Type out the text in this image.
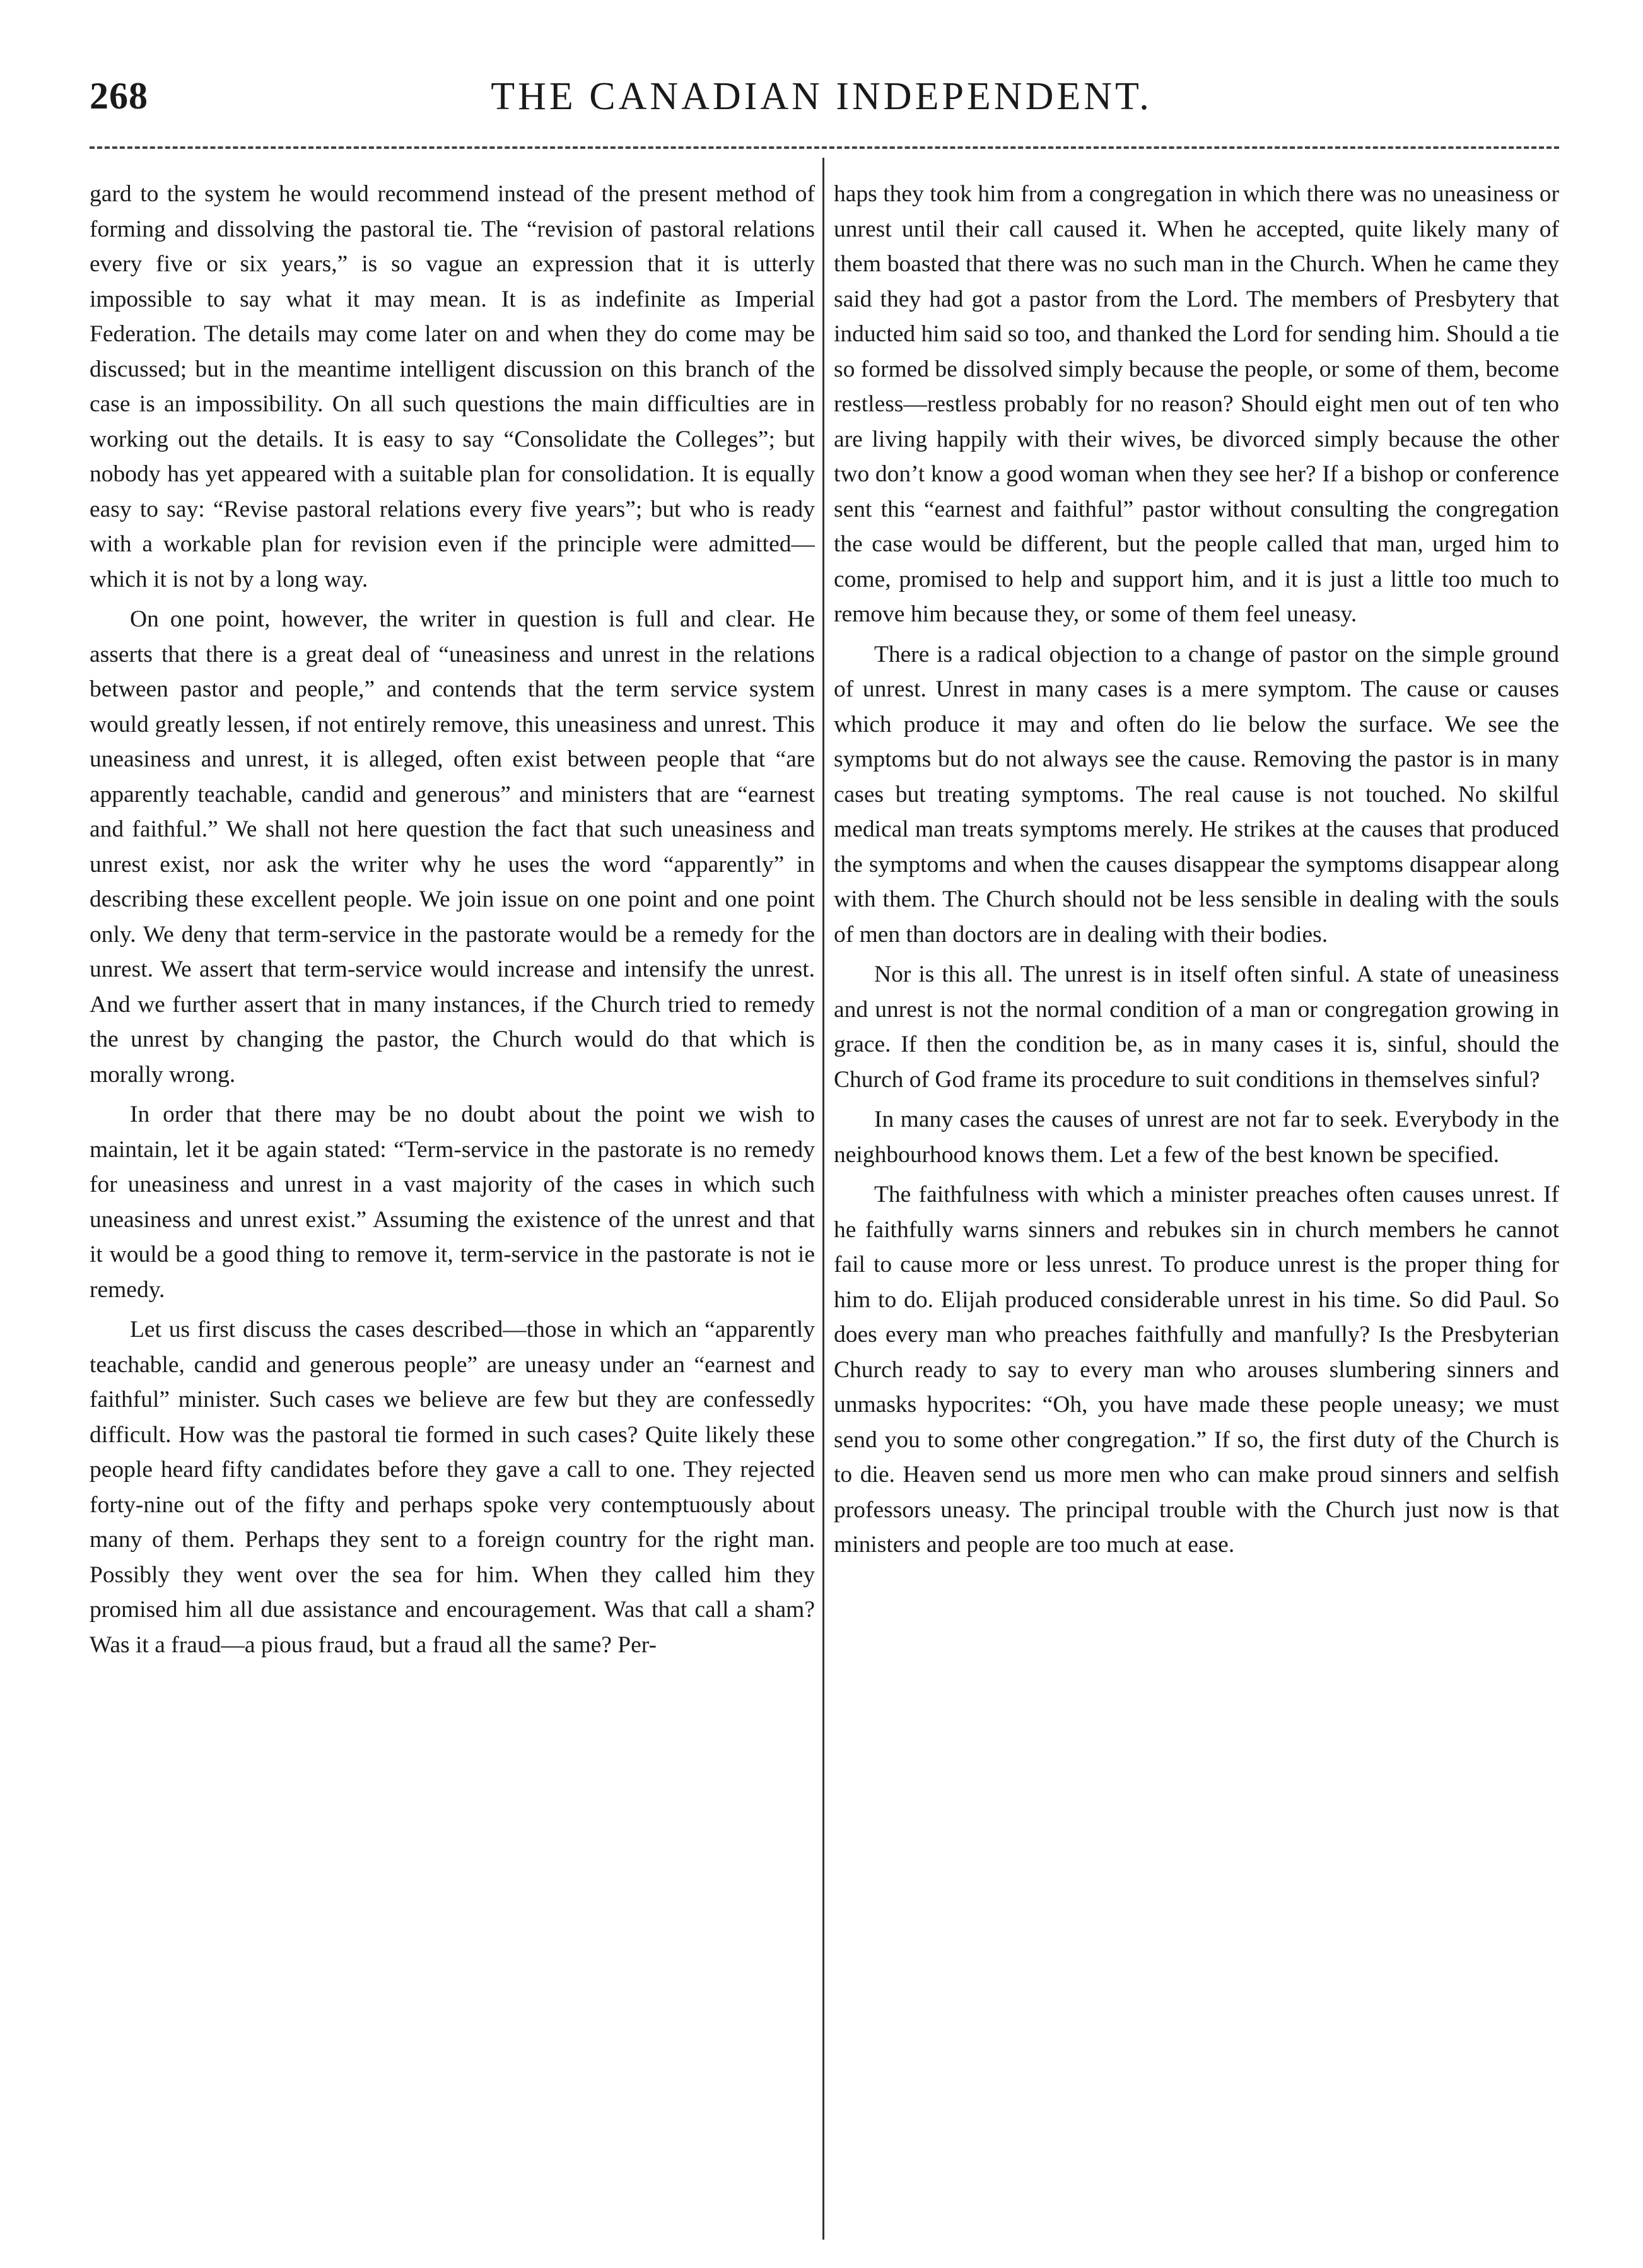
268	THE CANADIAN INDEPENDENT.

gard to the system he would recommend instead of the present method of forming and dissolving the pastoral tie. The “revision of pastoral relations every five or six years,” is so vague an expression that it is utterly impossible to say what it may mean. It is as indefinite as Imperial Federation. The details may come later on and when they do come may be discussed; but in the meantime intelligent discussion on this branch of the case is an impossibility. On all such questions the main difficulties are in working out the details. It is easy to say “Consolidate the Colleges”; but nobody has yet appeared with a suitable plan for consolidation. It is equally easy to say: “Revise pastoral relations every five years”; but who is ready with a workable plan for revision even if the principle were admitted—which it is not by a long way.

On one point, however, the writer in question is full and clear. He asserts that there is a great deal of “uneasiness and unrest in the relations between pastor and people,” and contends that the term service system would greatly lessen, if not entirely remove, this uneasiness and unrest. This uneasiness and unrest, it is alleged, often exist between people that “are apparently teachable, candid and generous” and ministers that are “earnest and faithful.” We shall not here question the fact that such uneasiness and unrest exist, nor ask the writer why he uses the word “apparently” in describing these excellent people. We join issue on one point and one point only. We deny that term-service in the pastorate would be a remedy for the unrest. We assert that term-service would increase and intensify the unrest. And we further assert that in many instances, if the Church tried to remedy the unrest by changing the pastor, the Church would do that which is morally wrong.

In order that there may be no doubt about the point we wish to maintain, let it be again stated: “Term-service in the pastorate is no remedy for uneasiness and unrest in a vast majority of the cases in which such uneasiness and unrest exist.” Assuming the existence of the unrest and that it would be a good thing to remove it, term-service in the pastorate is not ie remedy.

Let us first discuss the cases described—those in which an “apparently teachable, candid and generous people” are uneasy under an “earnest and faithful” minister. Such cases we believe are few but they are confessedly difficult. How was the pastoral tie formed in such cases? Quite likely these people heard fifty candidates before they gave a call to one. They rejected forty-nine out of the fifty and perhaps spoke very contemptuously about many of them. Perhaps they sent to a foreign country for the right man. Possibly they went over the sea for him. When they called him they promised him all due assistance and encouragement. Was that call a sham? Was it a fraud—a pious fraud, but a fraud all the same? Per-

haps they took him from a congregation in which there was no uneasiness or unrest until their call caused it. When he accepted, quite likely many of them boasted that there was no such man in the Church. When he came they said they had got a pastor from the Lord. The members of Presbytery that inducted him said so too, and thanked the Lord for sending him. Should a tie so formed be dissolved simply because the people, or some of them, become restless—restless probably for no reason? Should eight men out of ten who are living happily with their wives, be divorced simply because the other two don’t know a good woman when they see her? If a bishop or conference sent this “earnest and faithful” pastor without consulting the congregation the case would be different, but the people called that man, urged him to come, promised to help and support him, and it is just a little too much to remove him because they, or some of them feel uneasy.

There is a radical objection to a change of pastor on the simple ground of unrest. Unrest in many cases is a mere symptom. The cause or causes which produce it may and often do lie below the surface. We see the symptoms but do not always see the cause. Removing the pastor is in many cases but treating symptoms. The real cause is not touched. No skilful medical man treats symptoms merely. He strikes at the causes that produced the symptoms and when the causes disappear the symptoms disappear along with them. The Church should not be less sensible in dealing with the souls of men than doctors are in dealing with their bodies.

Nor is this all. The unrest is in itself often sinful. A state of uneasiness and unrest is not the normal condition of a man or congregation growing in grace. If then the condition be, as in many cases it is, sinful, should the Church of God frame its procedure to suit conditions in themselves sinful?

In many cases the causes of unrest are not far to seek. Everybody in the neighbourhood knows them. Let a few of the best known be specified.

The faithfulness with which a minister preaches often causes unrest. If he faithfully warns sinners and rebukes sin in church members he cannot fail to cause more or less unrest. To produce unrest is the proper thing for him to do. Elijah produced considerable unrest in his time. So did Paul. So does every man who preaches faithfully and manfully? Is the Presbyterian Church ready to say to every man who arouses slumbering sinners and unmasks hypocrites: “Oh, you have made these people uneasy; we must send you to some other congregation.” If so, the first duty of the Church is to die. Heaven send us more men who can make proud sinners and selfish professors uneasy. The principal trouble with the Church just now is that ministers and people are too much at ease.
